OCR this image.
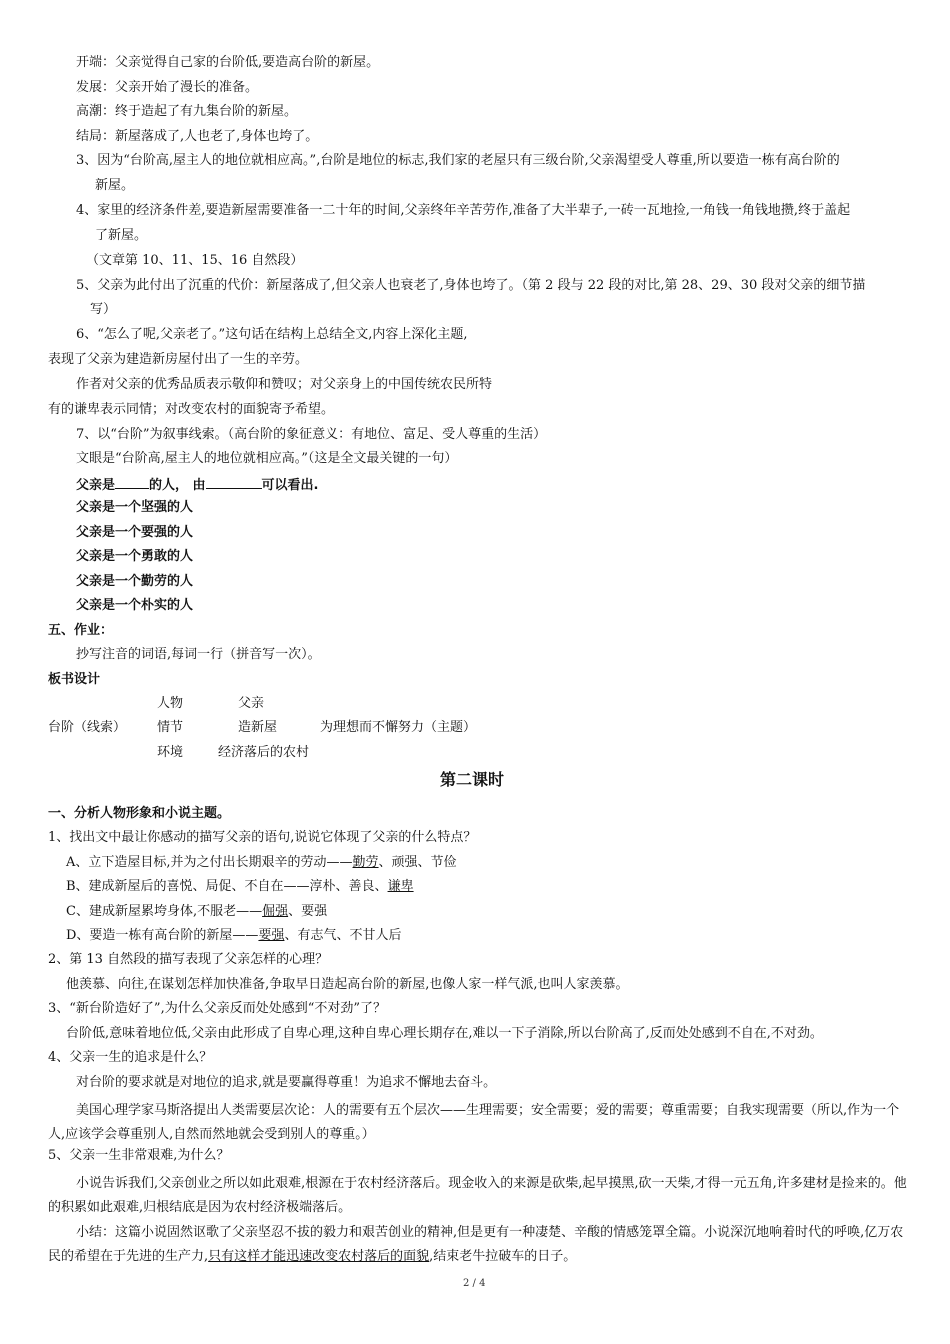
开端：父亲觉得自己家的台阶低,要造高台阶的新屋。
发展：父亲开始了漫长的准备。
高潮：终于造起了有九集台阶的新屋。
结局：新屋落成了,人也老了,身体也垮了。
3、因为“台阶高,屋主人的地位就相应高。”,台阶是地位的标志,我们家的老屋只有三级台阶,父亲渴望受人尊重,所以要造一栋有高台阶的
新屋。
4、家里的经济条件差,要造新屋需要准备一二十年的时间,父亲终年辛苦劳作,准备了大半辈子,一砖一瓦地捡,一角钱一角钱地攒,终于盖起
了新屋。
（文章第 10、11、15、16 自然段）
5、父亲为此付出了沉重的代价：新屋落成了,但父亲人也衰老了,身体也垮了。（第 2 段与 22 段的对比,第 28、29、30 段对父亲的细节描
写）
6、“怎么了呢,父亲老了。”这句话在结构上总结全文,内容上深化主题,
表现了父亲为建造新房屋付出了一生的辛劳。
作者对父亲的优秀品质表示敬仰和赞叹；对父亲身上的中国传统农民所特
有的谦卑表示同情；对改变农村的面貌寄予希望。
7、以“台阶”为叙事线索。（高台阶的象征意义：有地位、富足、受人尊重的生活）
文眼是“台阶高,屋主人的地位就相应高。”（这是全文最关键的一句）
父亲是	的人， 由	可以看出.
父亲是一个坚强的人
父亲是一个要强的人
父亲是一个勇敢的人
父亲是一个勤劳的人
父亲是一个朴实的人
五、作业：
抄写注音的词语,每词一行（拼音写一次）。
板书设计
人物	父亲
台阶（线索） 情节	造新屋	为理想而不懈努力（主题）
环境	经济落后的农村
第二课时
一、分析人物形象和小说主题。
1、找出文中最让你感动的描写父亲的语句,说说它体现了父亲的什么特点？
A、立下造屋目标,并为之付出长期艰辛的劳动——勤劳、顽强、节俭
B、建成新屋后的喜悦、局促、不自在——淳朴、善良、谦卑
C、建成新屋累垮身体,不服老——倔强、要强
D、要造一栋有高台阶的新屋——要强、有志气、不甘人后
2、第 13 自然段的描写表现了父亲怎样的心理？
他羡慕、向往,在谋划怎样加快准备,争取早日造起高台阶的新屋,也像人家一样气派,也叫人家羡慕。
3、“新台阶造好了”,为什么父亲反而处处感到“不对劲”了？
台阶低,意味着地位低,父亲由此形成了自卑心理,这种自卑心理长期存在,难以一下子消除,所以台阶高了,反而处处感到不自在,不对劲。
4、父亲一生的追求是什么？
对台阶的要求就是对地位的追求,就是要赢得尊重！为追求不懈地去奋斗。
美国心理学家马斯洛提出人类需要层次论：人的需要有五个层次——生理需要；安全需要；爱的需要；尊重需要；自我实现需要（所以,作为一个人,应该学会尊重别人,自然而然地就会受到别人的尊重。）
5、父亲一生非常艰难,为什么？
小说告诉我们,父亲创业之所以如此艰难,根源在于农村经济落后。现金收入的来源是砍柴,起早摸黑,砍一天柴,才得一元五角,许多建材是捡来的。他的积累如此艰难,归根结底是因为农村经济极端落后。
小结：这篇小说固然讴歌了父亲坚忍不拔的毅力和艰苦创业的精神,但是更有一种凄楚、辛酸的情感笼罩全篇。小说深沉地响着时代的呼唤,亿万农民的希望在于先进的生产力,只有这样才能迅速改变农村落后的面貌,结束老牛拉破车的日子。
2 / 4
